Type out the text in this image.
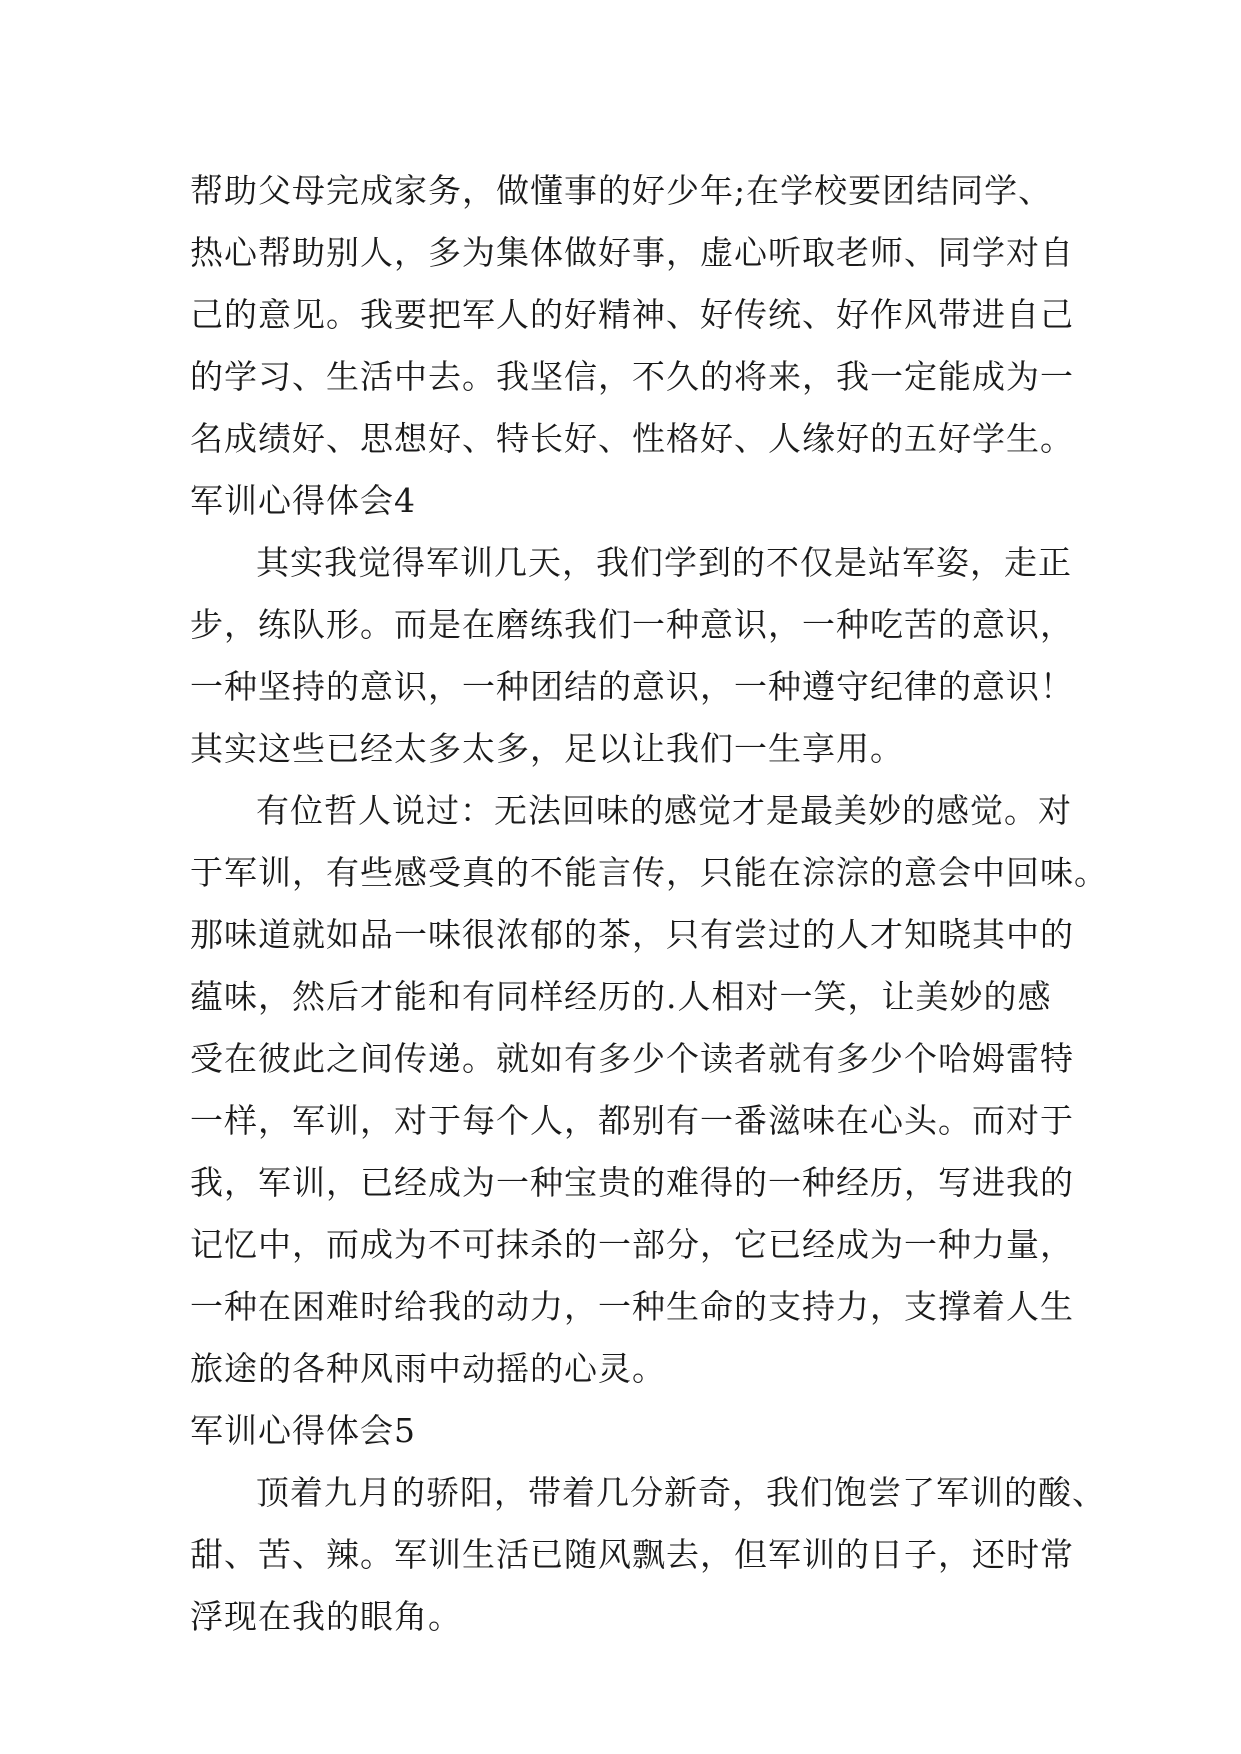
帮助父母完成家务，做懂事的好少年;在学校要团结同学、
热心帮助别人，多为集体做好事，虚心听取老师、同学对自
己的意见。我要把军人的好精神、好传统、好作风带进自己
的学习、生活中去。我坚信，不久的将来，我一定能成为一
名成绩好、思想好、特长好、性格好、人缘好的五好学生。
军训心得体会4
其实我觉得军训几天，我们学到的不仅是站军姿，走正
步，练队形。而是在磨练我们一种意识，一种吃苦的意识，
一种坚持的意识，一种团结的意识，一种遵守纪律的意识！
其实这些已经太多太多，足以让我们一生享用。
有位哲人说过：无法回味的感觉才是最美妙的感觉。对
于军训，有些感受真的不能言传，只能在淙淙的意会中回味。
那味道就如品一味很浓郁的茶，只有尝过的人才知晓其中的
蕴味，然后才能和有同样经历的.人相对一笑，让美妙的感
受在彼此之间传递。就如有多少个读者就有多少个哈姆雷特
一样，军训，对于每个人，都别有一番滋味在心头。而对于
我，军训，已经成为一种宝贵的难得的一种经历，写进我的
记忆中，而成为不可抹杀的一部分，它已经成为一种力量，
一种在困难时给我的动力，一种生命的支持力，支撑着人生
旅途的各种风雨中动摇的心灵。
军训心得体会5
顶着九月的骄阳，带着几分新奇，我们饱尝了军训的酸、
甜、苦、辣。军训生活已随风飘去，但军训的日子，还时常
浮现在我的眼角。
